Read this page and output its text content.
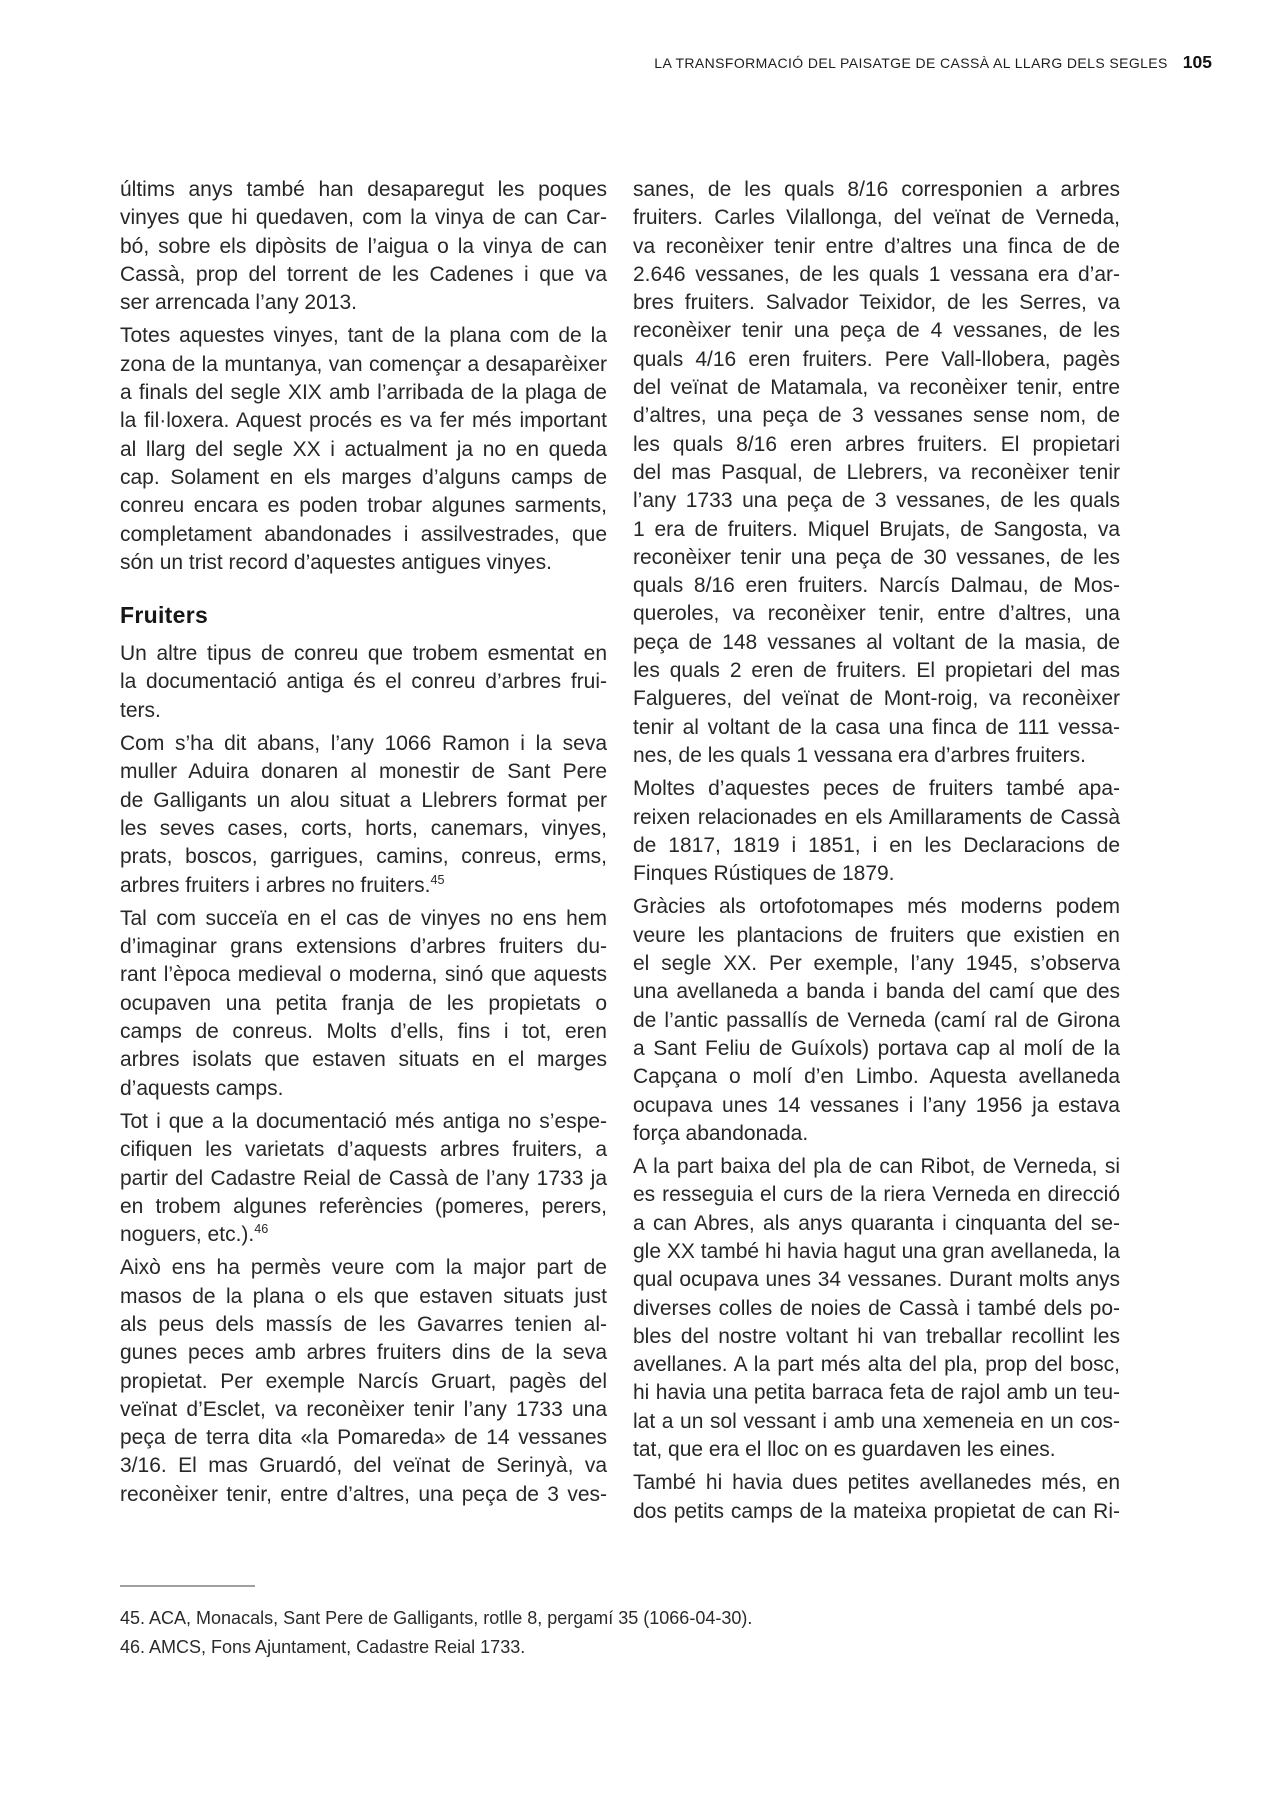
LA TRANSFORMACIÓ DEL PAISATGE DE CASSÀ AL LLARG DELS SEGLES 105
últims anys també han desaparegut les poques
vinyes que hi quedaven, com la vinya de can Car-
bó, sobre els dipòsits de l’aigua o la vinya de can
Cassà, prop del torrent de les Cadenes i que va
ser arrencada l’any 2013.
Totes aquestes vinyes, tant de la plana com de la
zona de la muntanya, van començar a desaparèixer
a finals del segle XIX amb l’arribada de la plaga de
la fil·loxera. Aquest procés es va fer més important
al llarg del segle XX i actualment ja no en queda
cap. Solament en els marges d’alguns camps de
conreu encara es poden trobar algunes sarments,
completament abandonades i assilvestrades, que
són un trist record d’aquestes antigues vinyes.
Fruiters
Un altre tipus de conreu que trobem esmentat en
la documentació antiga és el conreu d’arbres frui-
ters.
Com s’ha dit abans, l’any 1066 Ramon i la seva
muller Aduira donaren al monestir de Sant Pere
de Galligants un alou situat a Llebrers format per
les seves cases, corts, horts, canemars, vinyes,
prats, boscos, garrigues, camins, conreus, erms,
arbres fruiters i arbres no fruiters.$^{45}$
Tal com succeïa en el cas de vinyes no ens hem
d’imaginar grans extensions d’arbres fruiters du-
rant l’època medieval o moderna, sinó que aquests
ocupaven una petita franja de les propietats o
camps de conreus. Molts d’ells, fins i tot, eren
arbres isolats que estaven situats en el marges
d’aquests camps.
Tot i que a la documentació més antiga no s’espe-
cifiquen les varietats d’aquests arbres fruiters, a
partir del Cadastre Reial de Cassà de l’any 1733 ja
en trobem algunes referències (pomeres, perers,
noguers, etc.).$^{46}$
Això ens ha permès veure com la major part de
masos de la plana o els que estaven situats just
als peus dels massís de les Gavarres tenien al-
gunes peces amb arbres fruiters dins de la seva
propietat. Per exemple Narcís Gruart, pagès del
veïnat d’Esclet, va reconèixer tenir l’any 1733 una
peça de terra dita «la Pomareda» de 14 vessanes
3/16. El mas Gruardó, del veïnat de Serinyà, va
reconèixer tenir, entre d’altres, una peça de 3 ves-
sanes, de les quals 8/16 corresponien a arbres
fruiters. Carles Vilallonga, del veïnat de Verneda,
va reconèixer tenir entre d’altres una finca de de
2.646 vessanes, de les quals 1 vessana era d’ar-
bres fruiters. Salvador Teixidor, de les Serres, va
reconèixer tenir una peça de 4 vessanes, de les
quals 4/16 eren fruiters. Pere Vall-llobera, pagès
del veïnat de Matamala, va reconèixer tenir, entre
d’altres, una peça de 3 vessanes sense nom, de
les quals 8/16 eren arbres fruiters. El propietari
del mas Pasqual, de Llebrers, va reconèixer tenir
l’any 1733 una peça de 3 vessanes, de les quals
1 era de fruiters. Miquel Brujats, de Sangosta, va
reconèixer tenir una peça de 30 vessanes, de les
quals 8/16 eren fruiters. Narcís Dalmau, de Mos-
queroles, va reconèixer tenir, entre d’altres, una
peça de 148 vessanes al voltant de la masia, de
les quals 2 eren de fruiters. El propietari del mas
Falgueres, del veïnat de Mont-roig, va reconèixer
tenir al voltant de la casa una finca de 111 vessa-
nes, de les quals 1 vessana era d’arbres fruiters.
Moltes d’aquestes peces de fruiters també apa-
reixen relacionades en els Amillaraments de Cassà
de 1817, 1819 i 1851, i en les Declaracions de
Finques Rústiques de 1879.
Gràcies als ortofotomapes més moderns podem
veure les plantacions de fruiters que existien en
el segle XX. Per exemple, l’any 1945, s’observa
una avellaneda a banda i banda del camí que des
de l’antic passallís de Verneda (camí ral de Girona
a Sant Feliu de Guíxols) portava cap al molí de la
Capçana o molí d’en Limbo. Aquesta avellaneda
ocupava unes 14 vessanes i l’any 1956 ja estava
força abandonada.
A la part baixa del pla de can Ribot, de Verneda, si
es resseguia el curs de la riera Verneda en direcció
a can Abres, als anys quaranta i cinquanta del se-
gle XX també hi havia hagut una gran avellaneda, la
qual ocupava unes 34 vessanes. Durant molts anys
diverses colles de noies de Cassà i també dels po-
bles del nostre voltant hi van treballar recollint les
avellanes. A la part més alta del pla, prop del bosc,
hi havia una petita barraca feta de rajol amb un teu-
lat a un sol vessant i amb una xemeneia en un cos-
tat, que era el lloc on es guardaven les eines.
També hi havia dues petites avellanedes més, en
dos petits camps de la mateixa propietat de can Ri-
45. ACA, Monacals, Sant Pere de Galligants, rotlle 8, pergamí 35 (1066-04-30).
46. AMCS, Fons Ajuntament, Cadastre Reial 1733.
